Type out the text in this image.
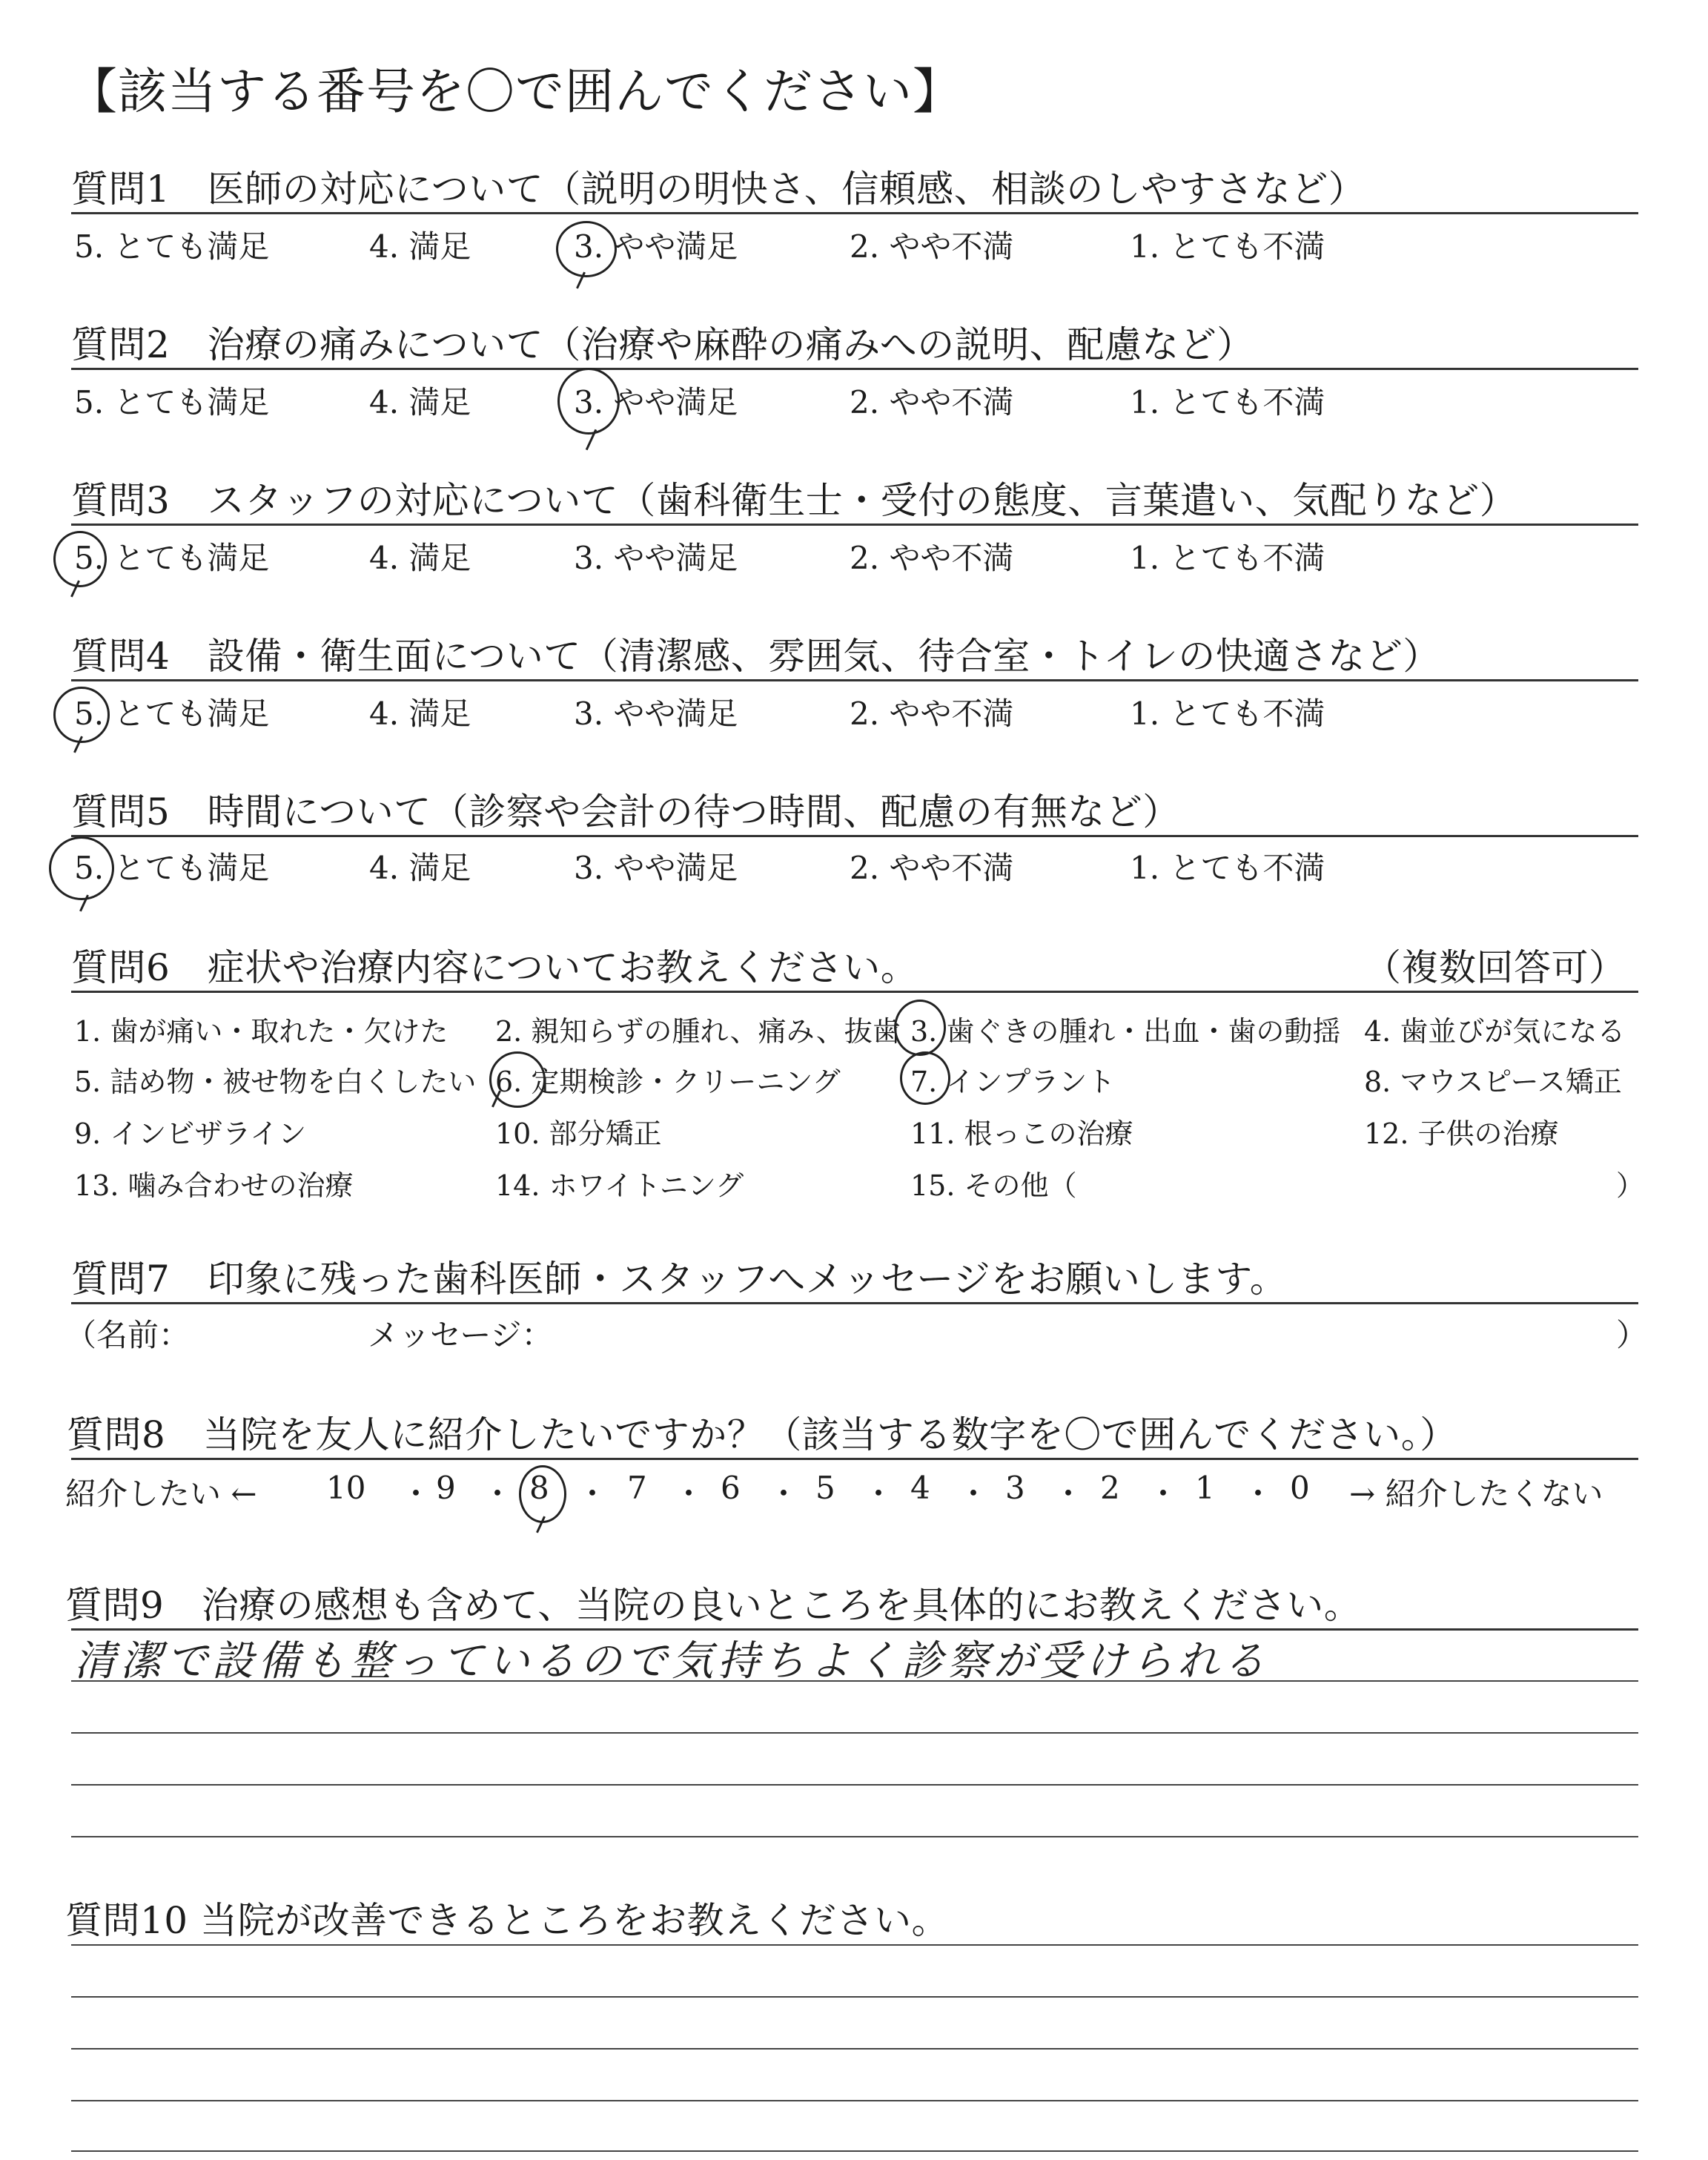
【該当する番号を〇で囲んでください】
質問1　医師の対応について（説明の明快さ、信頼感、相談のしやすさなど）
5. とても満足	4. 満足	3. やや満足	2. やや不満	1. とても不満
質問2　治療の痛みについて（治療や麻酔の痛みへの説明、配慮など）
5. とても満足	4. 満足	3. やや満足	2. やや不満	1. とても不満
質問3　スタッフの対応について（歯科衛生士・受付の態度、言葉遣い、気配りなど）
5. とても満足	4. 満足	3. やや満足	2. やや不満	1. とても不満
質問4　設備・衛生面について（清潔感、雰囲気、待合室・トイレの快適さなど）
5. とても満足	4. 満足	3. やや満足	2. やや不満	1. とても不満
質問5　時間について（診察や会計の待つ時間、配慮の有無など）
5. とても満足	4. 満足	3. やや満足	2. やや不満	1. とても不満
質問6　症状や治療内容についてお教えください。	（複数回答可）
1. 歯が痛い・取れた・欠けた 2. 親知らずの腫れ、痛み、抜歯 3. 歯ぐきの腫れ・出血・歯の動揺 4. 歯並びが気になる
5. 詰め物・被せ物を白くしたい 6. 定期検診・クリーニング 7. インプラント	8. マウスピース矯正
9. インビザライン	10. 部分矯正	11. 根っこの治療	12. 子供の治療
13. 噛み合わせの治療	14. ホワイトニング	15. その他（	）
質問7　印象に残った歯科医師・スタッフへメッセージをお願いします。
（名前：	メッセージ：	）
質問8　当院を友人に紹介したいですか？（該当する数字を〇で囲んでください。）
紹介したい ←	→ 紹介したくない
10 ・ 9 ・ 8 ・ 7 ・ 6 ・ 5 ・ 4 ・ 3 ・ 2 ・ 1 ・ 0
質問9　治療の感想も含めて、当院の良いところを具体的にお教えください。
清潔で設備も整っているので気持ちよく診察が受けられる
質問10 当院が改善できるところをお教えください。
